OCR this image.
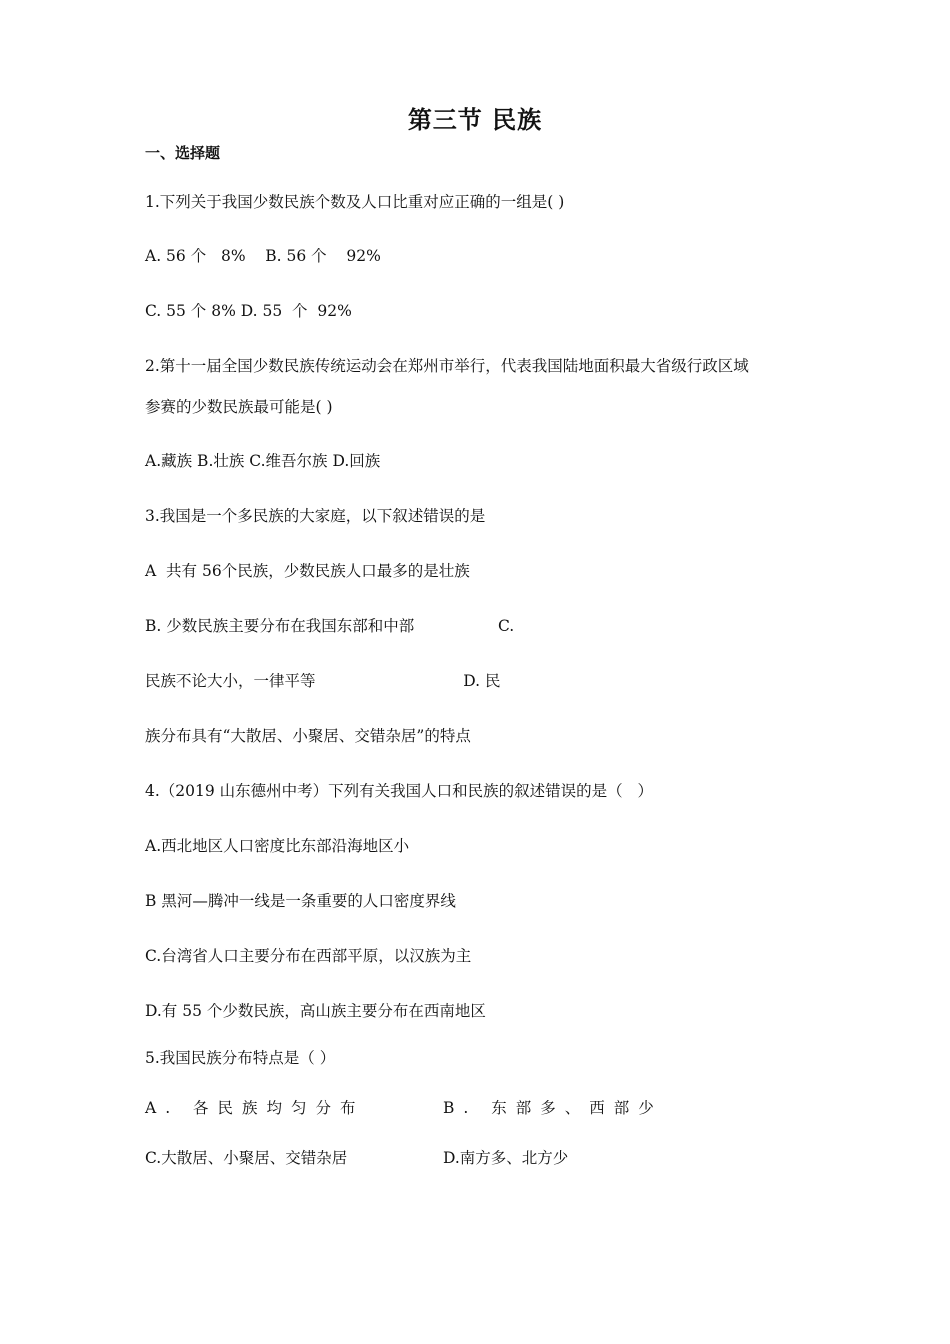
第三节 民族
一、选择题
1.下列关于我国少数民族个数及人口比重对应正确的一组是( )
A. 56 个   8%    B. 56 个    92%
C. 55 个 8% D. 55  个  92%
2.第十一届全国少数民族传统运动会在郑州市举行，代表我国陆地面积最大省级行政区域
参赛的少数民族最可能是( )
A.藏族 B.壮族 C.维吾尔族 D.回族
3.我国是一个多民族的大家庭，以下叙述错误的是
A  共有 56个民族，少数民族人口最多的是壮族
B. 少数民族主要分布在我国东部和中部                 C.
民族不论大小，一律平等                              D. 民
族分布具有“大散居、小聚居、交错杂居”的特点
4.（2019 山东德州中考）下列有关我国人口和民族的叙述错误的是（   ）
A.西北地区人口密度比东部沿海地区小
B 黑河—腾冲一线是一条重要的人口密度界线
C.台湾省人口主要分布在西部平原，以汉族为主
D.有 55 个少数民族，高山族主要分布在西南地区
5.我国民族分布特点是（ ）
A. 各民族均匀分布	B. 东部多、西部少
C.大散居、小聚居、交错杂居	D.南方多、北方少
